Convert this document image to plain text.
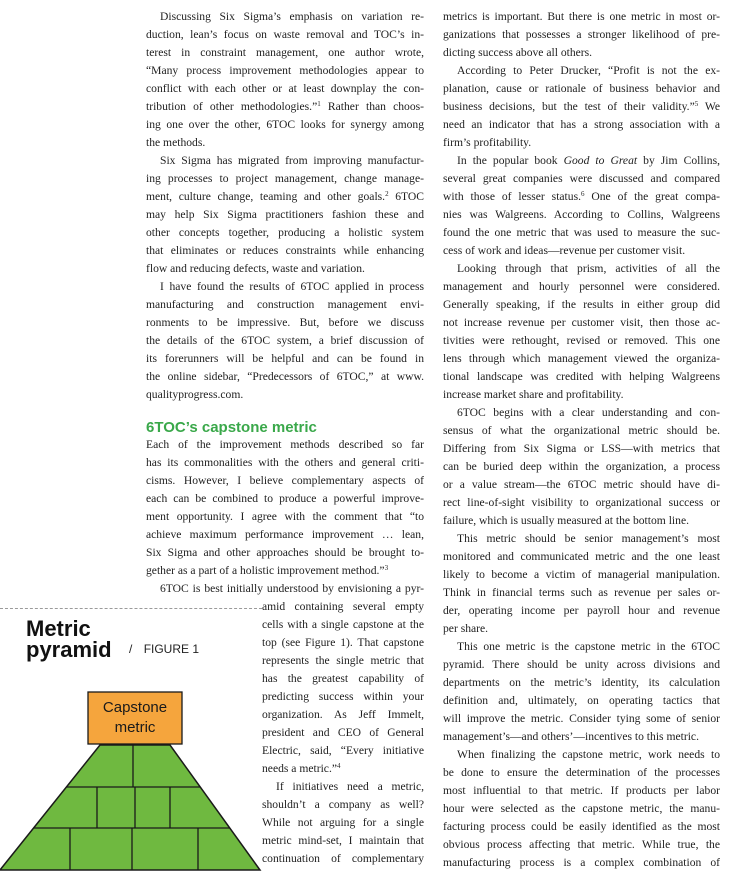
Discussing Six Sigma’s emphasis on variation re-
duction, lean’s focus on waste removal and TOC’s in-
terest in constraint management, one author wrote,
“Many process improvement methodologies appear to
conflict with each other or at least downplay the con-
tribution of other methodologies.”$^1$ Rather than choos-
ing one over the other, 6TOC looks for synergy among
the methods.
Six Sigma has migrated from improving manufactur-
ing processes to project management, change manage-
ment, culture change, teaming and other goals.$^2$ 6TOC
may help Six Sigma practitioners fashion these and
other concepts together, producing a holistic system
that eliminates or reduces constraints while enhancing
flow and reducing defects, waste and variation.
I have found the results of 6TOC applied in process
manufacturing and construction management envi-
ronments to be impressive. But, before we discuss
the details of the 6TOC system, a brief discussion of
its forerunners will be helpful and can be found in
the online sidebar, “Predecessors of 6TOC,” at www.
qualityprogress.com.
6TOC’s capstone metric
Each of the improvement methods described so far
has its commonalities with the others and general criti-
cisms. However, I believe complementary aspects of
each can be combined to produce a powerful improve-
ment opportunity. I agree with the comment that “to
achieve maximum performance improvement … lean,
Six Sigma and other approaches should be brought to-
gether as a part of a holistic improvement method.”$^3$
6TOC is best initially understood by envisioning a pyr-
amid containing several empty
cells with a single capstone at the
top (see Figure 1). That capstone
represents the single metric that
has the greatest capability of
predicting success within your
organization. As Jeff Immelt,
president and CEO of General
Electric, said, “Every initiative
needs a metric.”$^4$
If initiatives need a metric,
shouldn’t a company as well?
While not arguing for a single
metric mind-set, I maintain that
continuation of complementary
metrics is important. But there is one metric in most or-
ganizations that possesses a stronger likelihood of pre-
dicting success above all others.
According to Peter Drucker, “Profit is not the ex-
planation, cause or rationale of business behavior and
business decisions, but the test of their validity.”$^5$ We
need an indicator that has a strong association with a
firm’s profitability.
In the popular book Good to Great by Jim Collins,
several great companies were discussed and compared
with those of lesser status.$^6$ One of the great compa-
nies was Walgreens. According to Collins, Walgreens
found the one metric that was used to measure the suc-
cess of work and ideas—revenue per customer visit.
Looking through that prism, activities of all the
management and hourly personnel were considered.
Generally speaking, if the results in either group did
not increase revenue per customer visit, then those ac-
tivities were rethought, revised or removed. This one
lens through which management viewed the organiza-
tional landscape was credited with helping Walgreens
increase market share and profitability.
6TOC begins with a clear understanding and con-
sensus of what the organizational metric should be.
Differing from Six Sigma or LSS—with metrics that
can be buried deep within the organization, a process
or a value stream—the 6TOC metric should have di-
rect line-of-sight visibility to organizational success or
failure, which is usually measured at the bottom line.
This metric should be senior management’s most
monitored and communicated metric and the one least
likely to become a victim of managerial manipulation.
Think in financial terms such as revenue per sales or-
der, operating income per payroll hour and revenue
per share.
This one metric is the capstone metric in the 6TOC
pyramid. There should be unity across divisions and
departments on the metric’s identity, its calculation
definition and, ultimately, on operating tactics that
will improve the metric. Consider tying some of senior
management’s—and others’—incentives to this metric.
When finalizing the capstone metric, work needs to
be done to ensure the determination of the processes
most influential to that metric. If products per labor
hour were selected as the capstone metric, the manu-
facturing process could be easily identified as the most
obvious process affecting that metric. While true, the
manufacturing process is a complex combination of
Metric
pyramid / FIGURE 1
Capstone
metric
